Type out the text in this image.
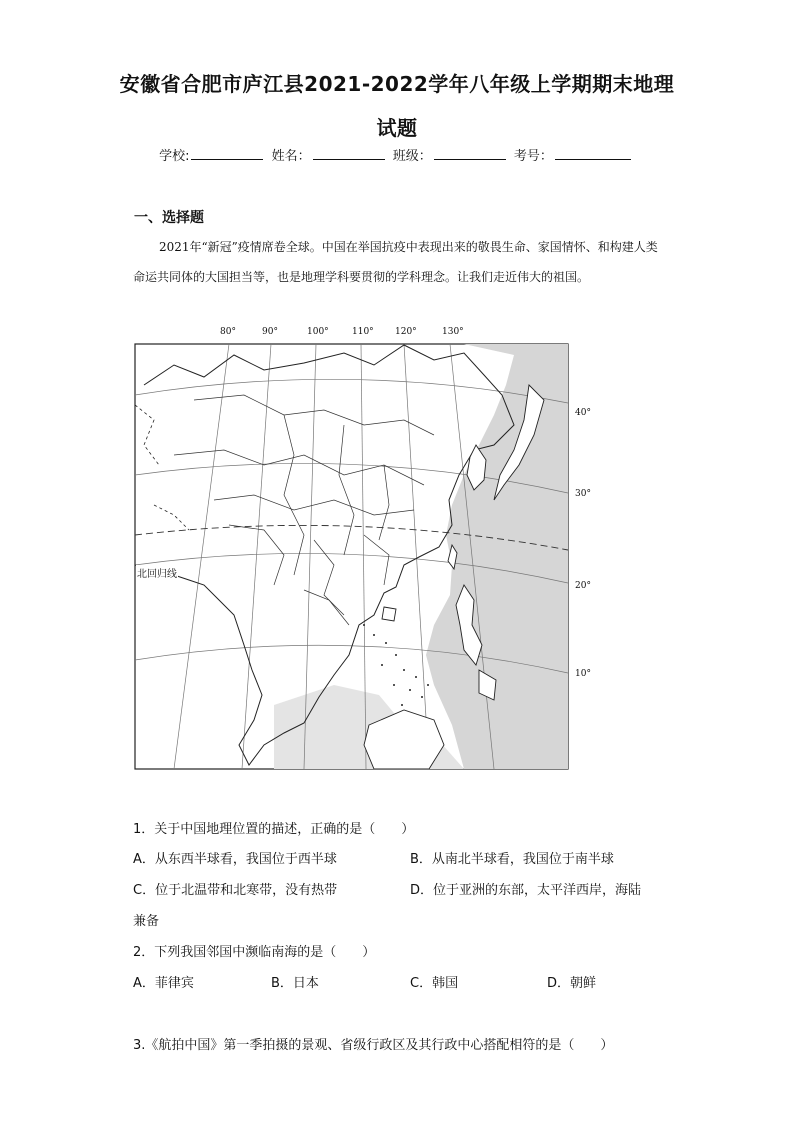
安徽省合肥市庐江县2021-2022学年八年级上学期期末地理
试题
学校:	姓名：	班级：	考号：
一、选择题
2021年“新冠”疫情席卷全球。中国在举国抗疫中表现出来的敬畏生命、家国情怀、和构建人类命运共同体的大国担当等，也是地理学科要贯彻的学科理念。让我们走近伟大的祖国。
80°	90°	100°	110° 120°	130°
40°
30°
20°
10°
北回归线
1．关于中国地理位置的描述，正确的是（　　）
A．从东西半球看，我国位于西半球	B．从南北半球看，我国位于南半球
C．位于北温带和北寒带，没有热带	D．位于亚洲的东部，太平洋西岸，海陆
兼备
2．下列我国邻国中濒临南海的是（　　）
A．菲律宾	B．日本	C．韩国	D．朝鲜
3.《航拍中国》第一季拍摄的景观、省级行政区及其行政中心搭配相符的是（　　）
